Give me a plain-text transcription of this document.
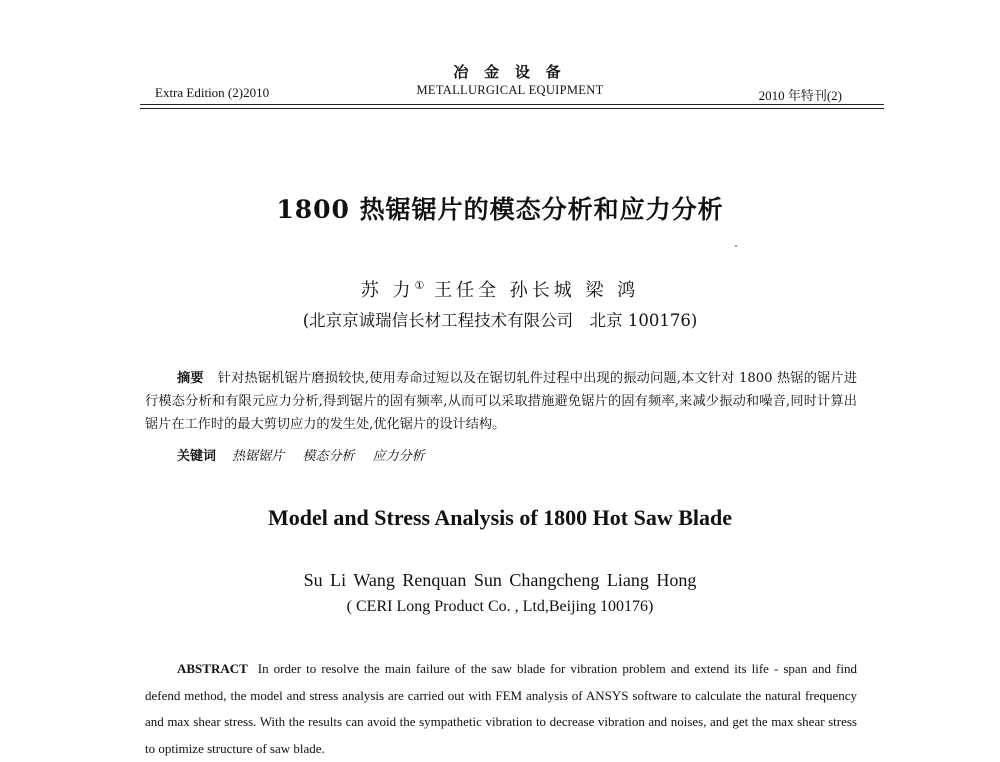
Extra Edition (2)2010
冶 金 设 备
METALLURGICAL EQUIPMENT	2010 年特刊(2)
1800 热锯锯片的模态分析和应力分析
苏 力① 王任全 孙长城 梁 鸿
(北京京诚瑞信长材工程技术有限公司　北京 100176)
摘要 针对热锯机锯片磨损较快,使用寿命过短以及在锯切轧件过程中出现的振动问题,本文针对 1800 热锯的锯片进行模态分析和有限元应力分析,得到锯片的固有频率,从而可以采取措施避免锯片的固有频率,来减少振动和噪音,同时计算出锯片在工作时的最大剪切应力的发生处,优化锯片的设计结构。
关键词 热锯锯片 模态分析 应力分析
Model and Stress Analysis of 1800 Hot Saw Blade
Su Li Wang Renquan Sun Changcheng Liang Hong
( CERI Long Product Co. , Ltd,Beijing 100176)
ABSTRACT In order to resolve the main failure of the saw blade for vibration problem and extend its life - span and find defend method, the model and stress analysis are carried out with FEM analysis of ANSYS software to calculate the natural frequency and max shear stress. With the results can avoid the sympathetic vibration to decrease vibration and noises, and get the max shear stress to optimize structure of saw blade.
